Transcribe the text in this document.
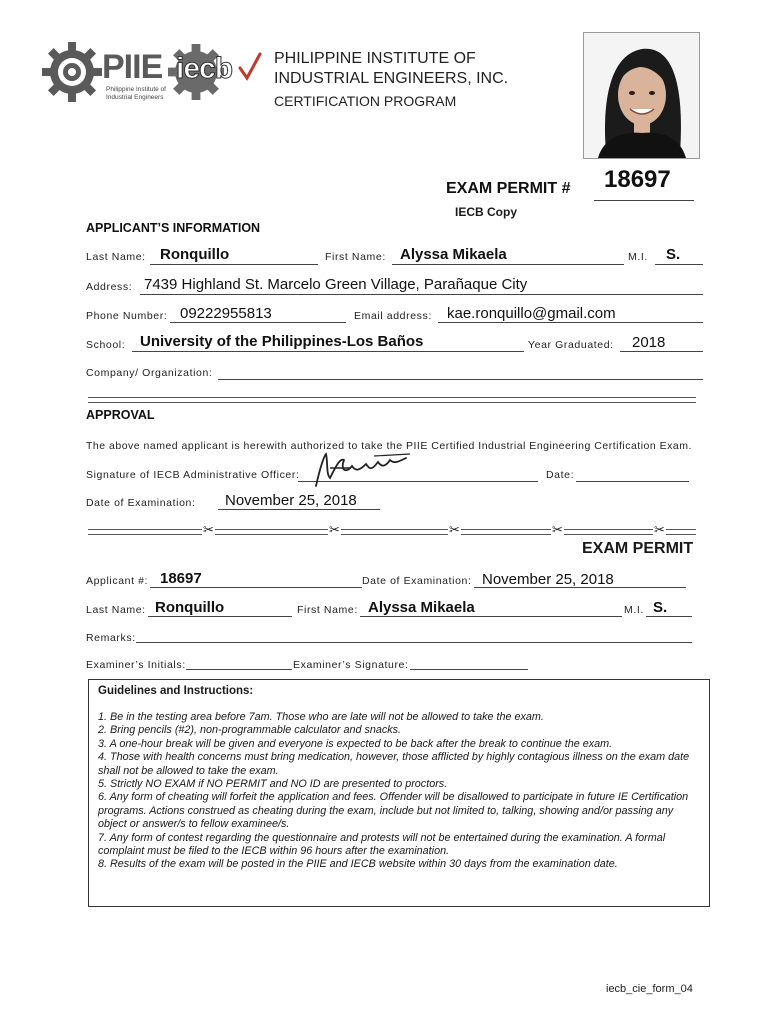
PIIE
Philippine Institute of
Industrial Engineers
iecb	PHILIPPINE INSTITUTE OF
INDUSTRIAL ENGINEERS, INC.
CERTIFICATION PROGRAM
EXAM PERMIT # 18697
IECB Copy
APPLICANT’S INFORMATION
Last Name: Ronquillo	First Name: Alyssa Mikaela	M.I. S.
Address: 7439 Highland St. Marcelo Green Village, Parañaque City
Phone Number: 09222955813	Email address: kae.ronquillo@gmail.com
School: University of the Philippines-Los Baños	Year Graduated: 2018
Company/ Organization:
APPROVAL
The above named applicant is herewith authorized to take the PIIE Certified Industrial Engineering Certification Exam.
Signature of IECB Administrative Officer:	Date:
Date of Examination: November 25, 2018
✂	✂	✂	✂	✂
EXAM PERMIT
Applicant #: 18697	Date of Examination: November 25, 2018
Last Name: Ronquillo	First Name: Alyssa Mikaela	M.I. S.
Remarks:
Examiner’s Initials:	Examiner’s Signature:
Guidelines and Instructions:
1. Be in the testing area before 7am. Those who are late will not be allowed to take the exam.
2. Bring pencils (#2), non-programmable calculator and snacks.
3. A one-hour break will be given and everyone is expected to be back after the break to continue the exam.
4. Those with health concerns must bring medication, however, those afflicted by highly contagious illness on the exam date shall not be allowed to take the exam.
5. Strictly NO EXAM if NO PERMIT and NO ID are presented to proctors.
6. Any form of cheating will forfeit the application and fees. Offender will be disallowed to participate in future IE Certification programs. Actions construed as cheating during the exam, include but not limited to, talking, showing and/or passing any object or answer/s to fellow examinee/s.
7. Any form of contest regarding the questionnaire and protests will not be entertained during the examination. A formal complaint must be filed to the IECB within 96 hours after the examination.
8. Results of the exam will be posted in the PIIE and IECB website within 30 days from the examination date.
iecb_cie_form_04
